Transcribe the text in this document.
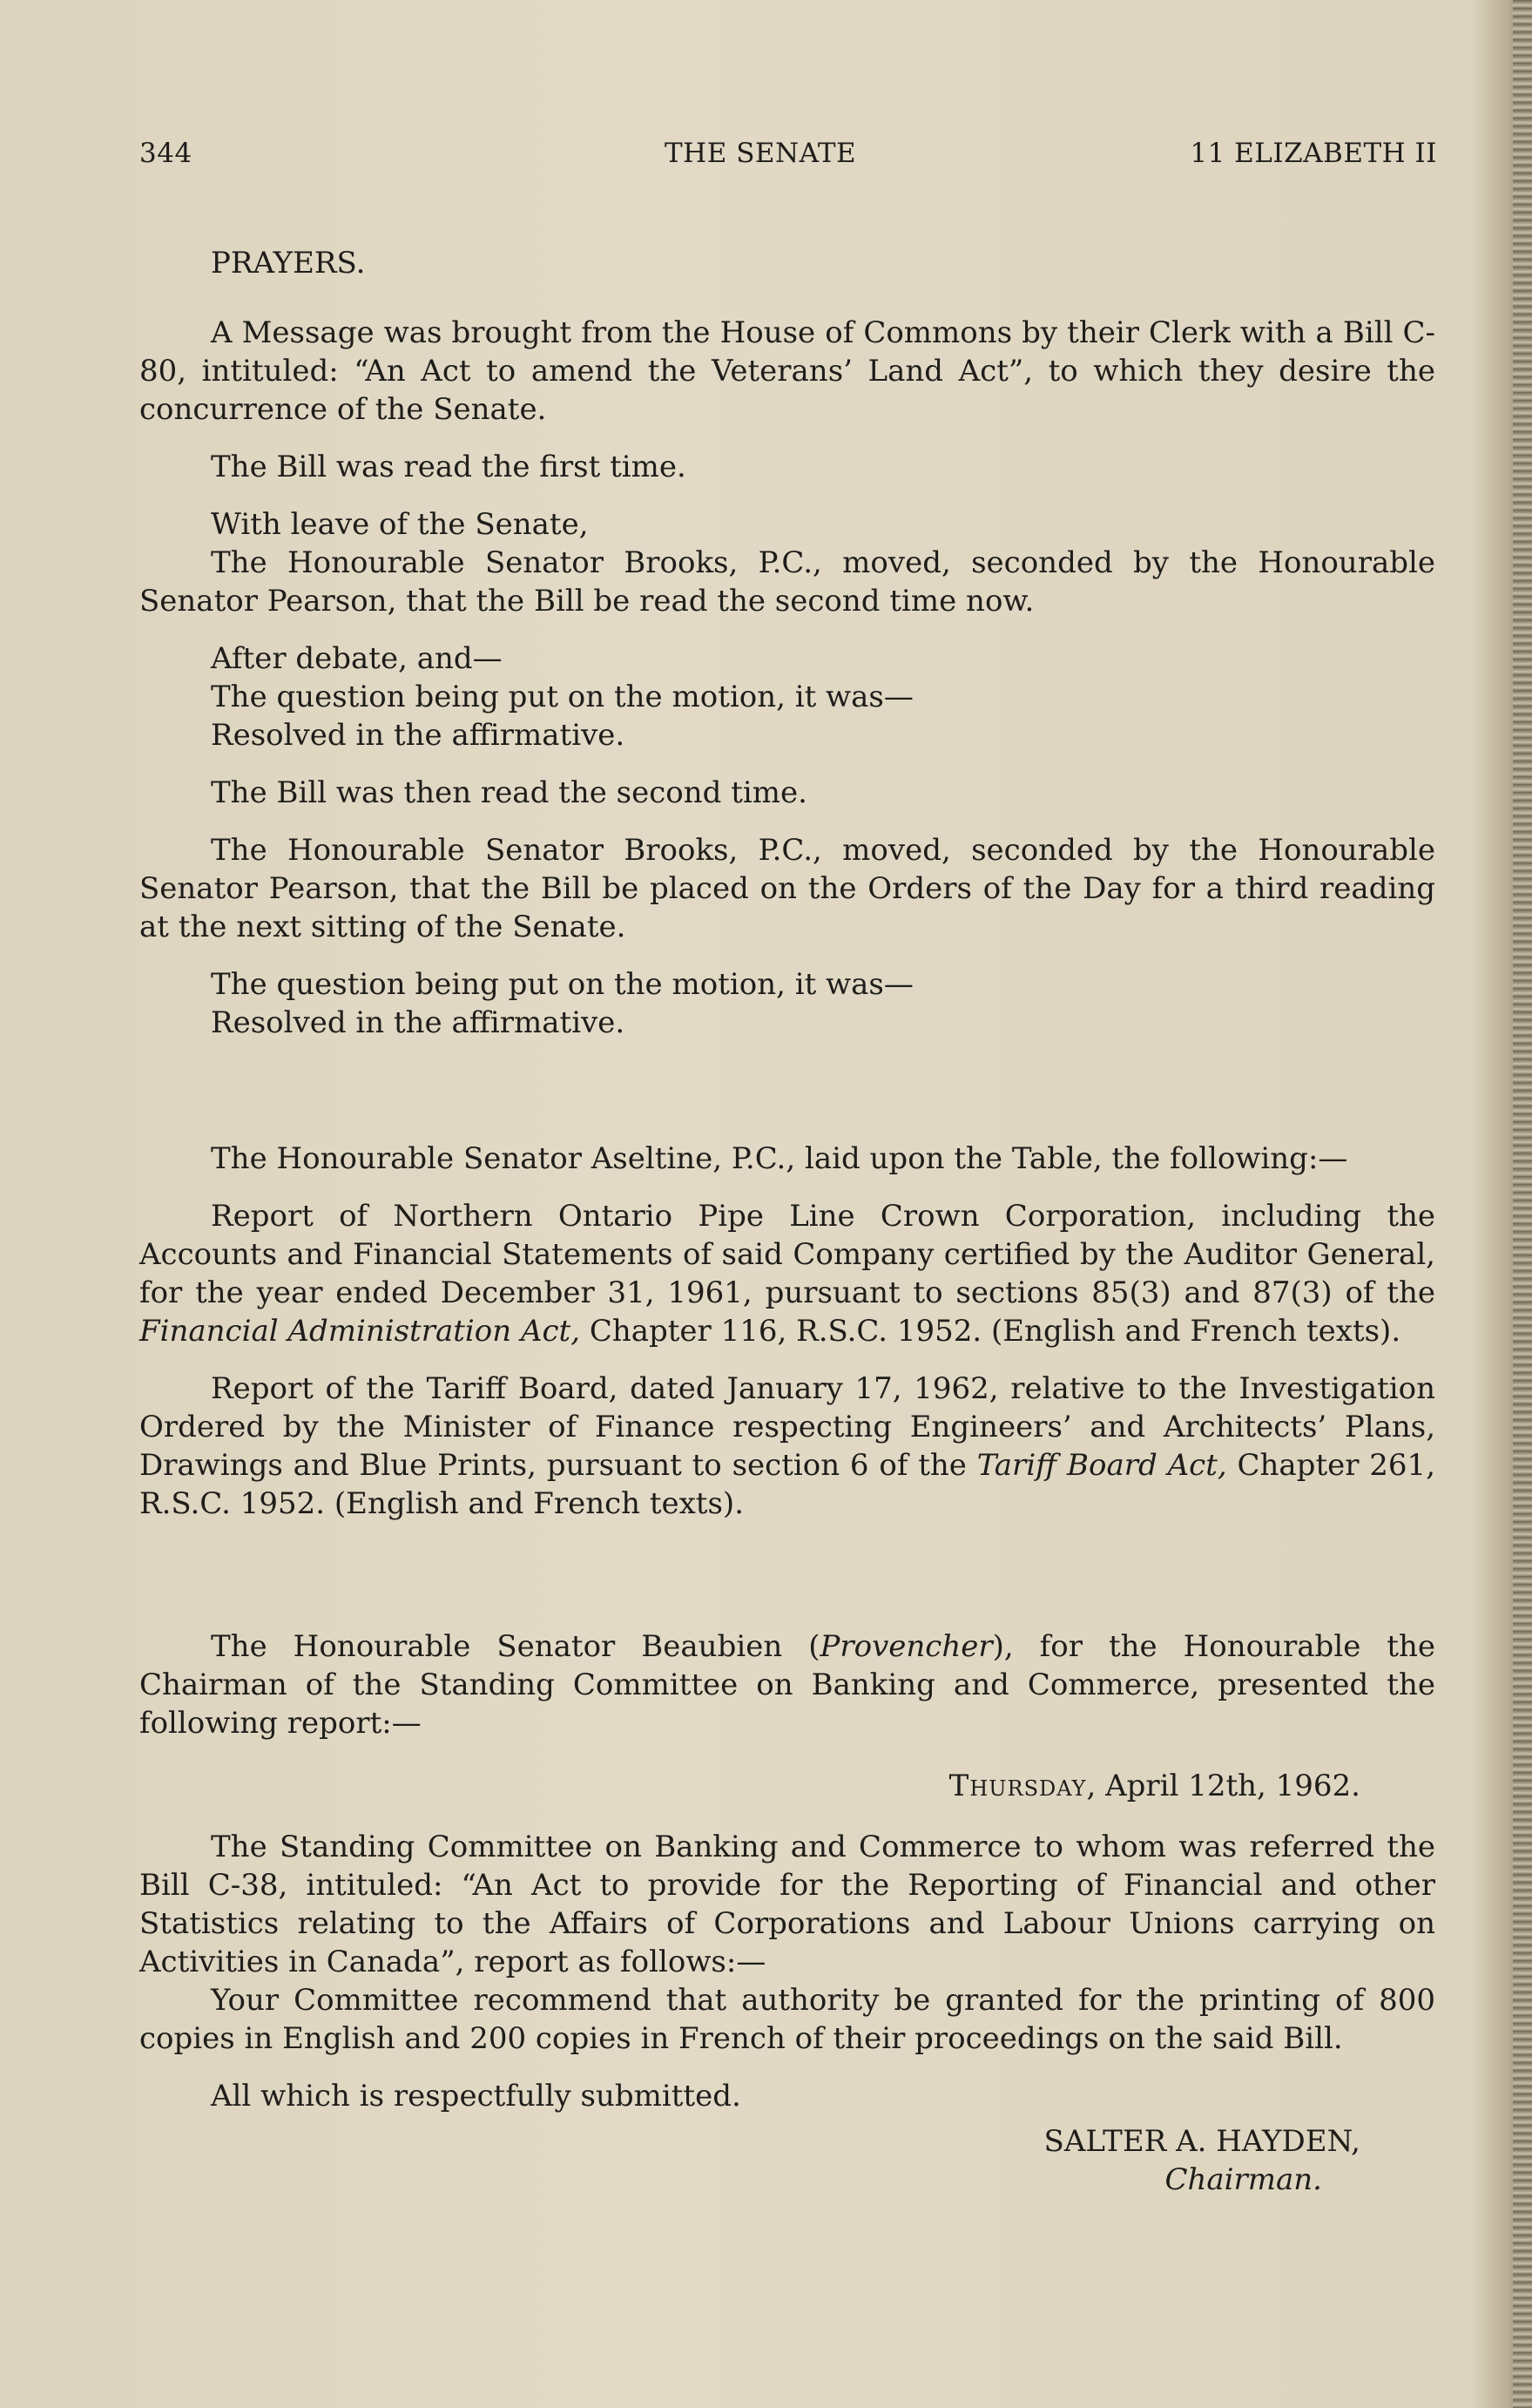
344	THE SENATE	11 ELIZABETH II

PRAYERS.

A Message was brought from the House of Commons by their Clerk with a Bill C-80, intituled: “An Act to amend the Veterans’ Land Act”, to which they desire the concurrence of the Senate.

The Bill was read the first time.

With leave of the Senate,

The Honourable Senator Brooks, P.C., moved, seconded by the Honourable Senator Pearson, that the Bill be read the second time now.

After debate, and—

The question being put on the motion, it was—

Resolved in the affirmative.

The Bill was then read the second time.

The Honourable Senator Brooks, P.C., moved, seconded by the Honourable Senator Pearson, that the Bill be placed on the Orders of the Day for a third reading at the next sitting of the Senate.

The question being put on the motion, it was—

Resolved in the affirmative.

The Honourable Senator Aseltine, P.C., laid upon the Table, the following:—

Report of Northern Ontario Pipe Line Crown Corporation, including the Accounts and Financial Statements of said Company certified by the Auditor General, for the year ended December 31, 1961, pursuant to sections 85(3) and 87(3) of the Financial Administration Act, Chapter 116, R.S.C. 1952. (English and French texts).

Report of the Tariff Board, dated January 17, 1962, relative to the Investigation Ordered by the Minister of Finance respecting Engineers’ and Architects’ Plans, Drawings and Blue Prints, pursuant to section 6 of the Tariff Board Act, Chapter 261, R.S.C. 1952. (English and French texts).

The Honourable Senator Beaubien (Provencher), for the Honourable the Chairman of the Standing Committee on Banking and Commerce, presented the following report:—

Thursday, April 12th, 1962.

The Standing Committee on Banking and Commerce to whom was referred the Bill C-38, intituled: “An Act to provide for the Reporting of Financial and other Statistics relating to the Affairs of Corporations and Labour Unions carrying on Activities in Canada”, report as follows:—

Your Committee recommend that authority be granted for the printing of 800 copies in English and 200 copies in French of their proceedings on the said Bill.

All which is respectfully submitted.

SALTER A. HAYDEN,

Chairman.
